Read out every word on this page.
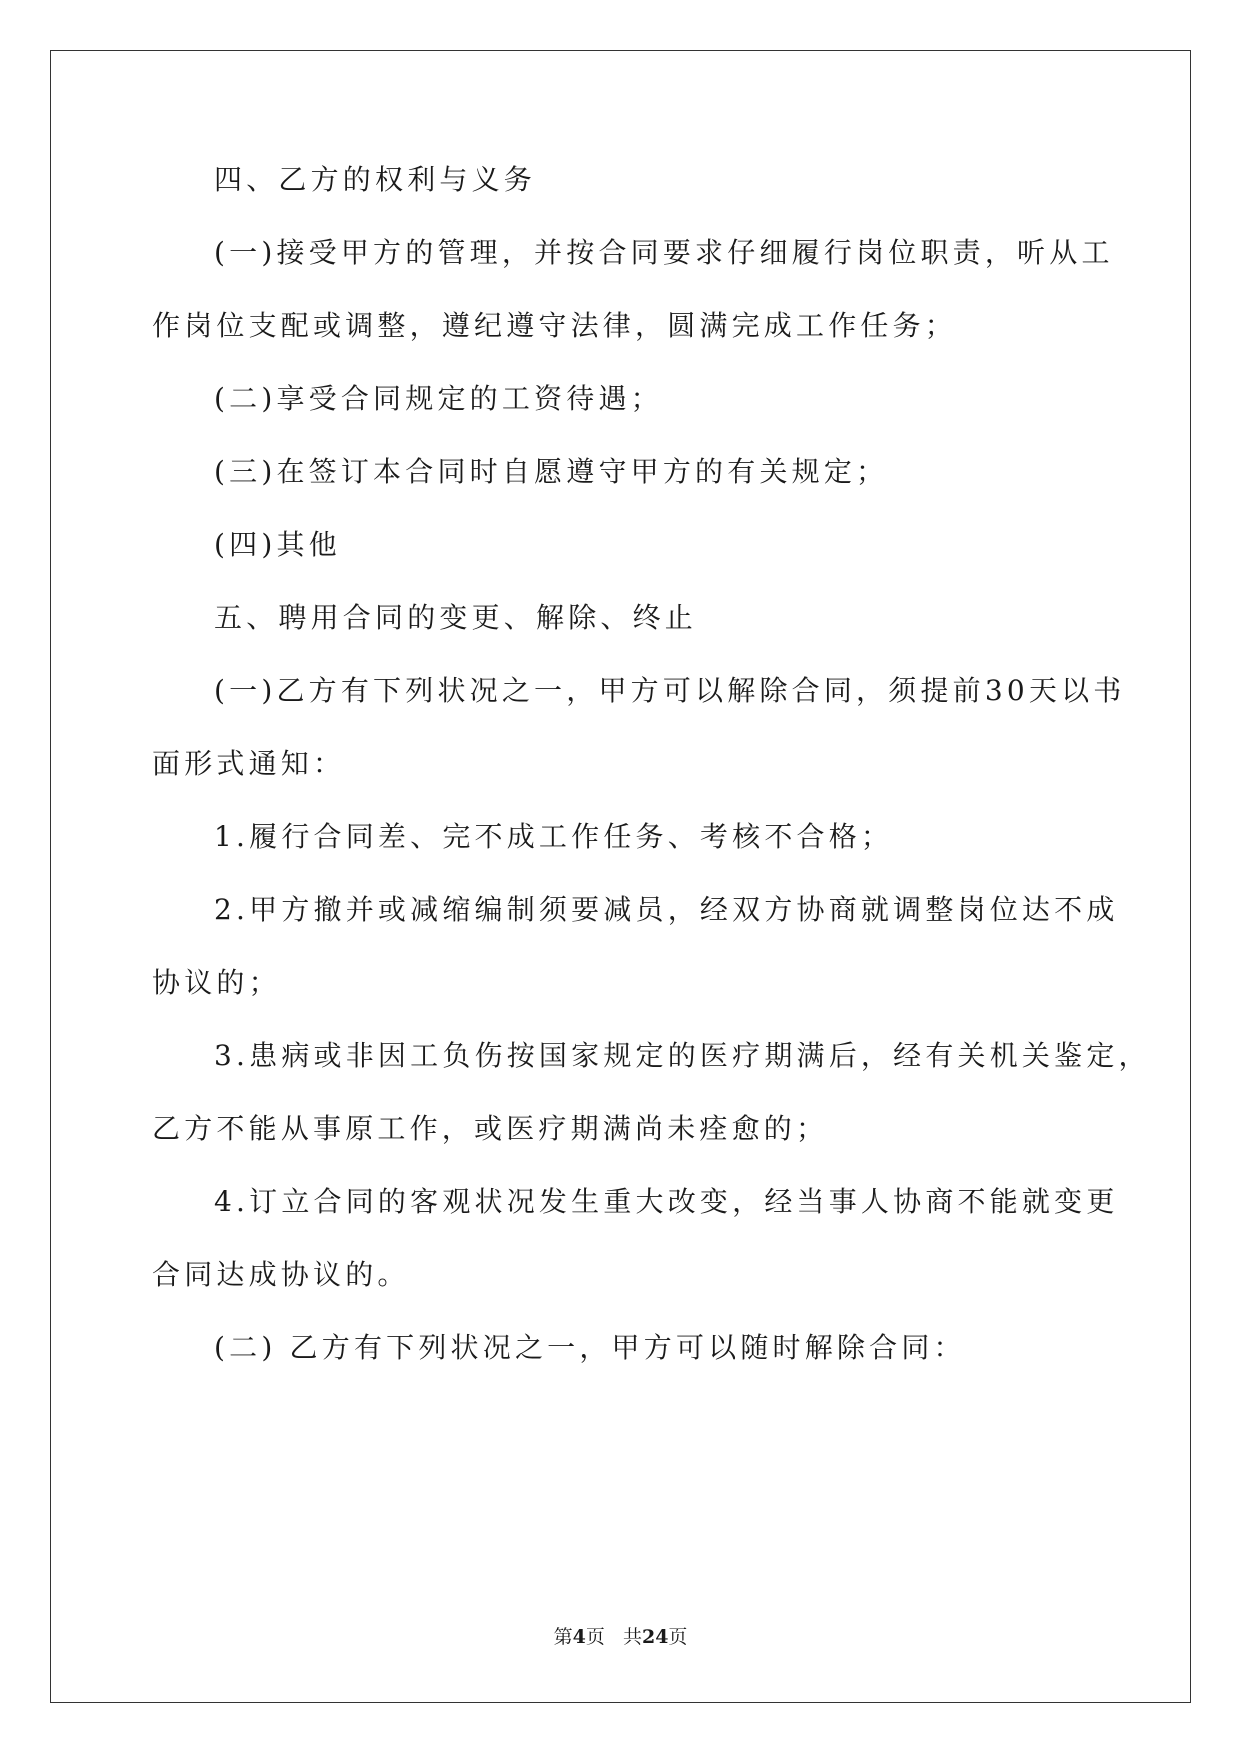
四、乙方的权利与义务
(一)接受甲方的管理，并按合同要求仔细履行岗位职责，听从工
作岗位支配或调整，遵纪遵守法律，圆满完成工作任务；
(二)享受合同规定的工资待遇；
(三)在签订本合同时自愿遵守甲方的有关规定；
(四)其他
五、聘用合同的变更、解除、终止
(一)乙方有下列状况之一，甲方可以解除合同，须提前30天以书
面形式通知：
1.履行合同差、完不成工作任务、考核不合格；
2.甲方撤并或减缩编制须要减员，经双方协商就调整岗位达不成
协议的；
3.患病或非因工负伤按国家规定的医疗期满后，经有关机关鉴定，
乙方不能从事原工作，或医疗期满尚未痊愈的；
4.订立合同的客观状况发生重大改变，经当事人协商不能就变更
合同达成协议的。
(二) 乙方有下列状况之一，甲方可以随时解除合同：
第4页 共24页
